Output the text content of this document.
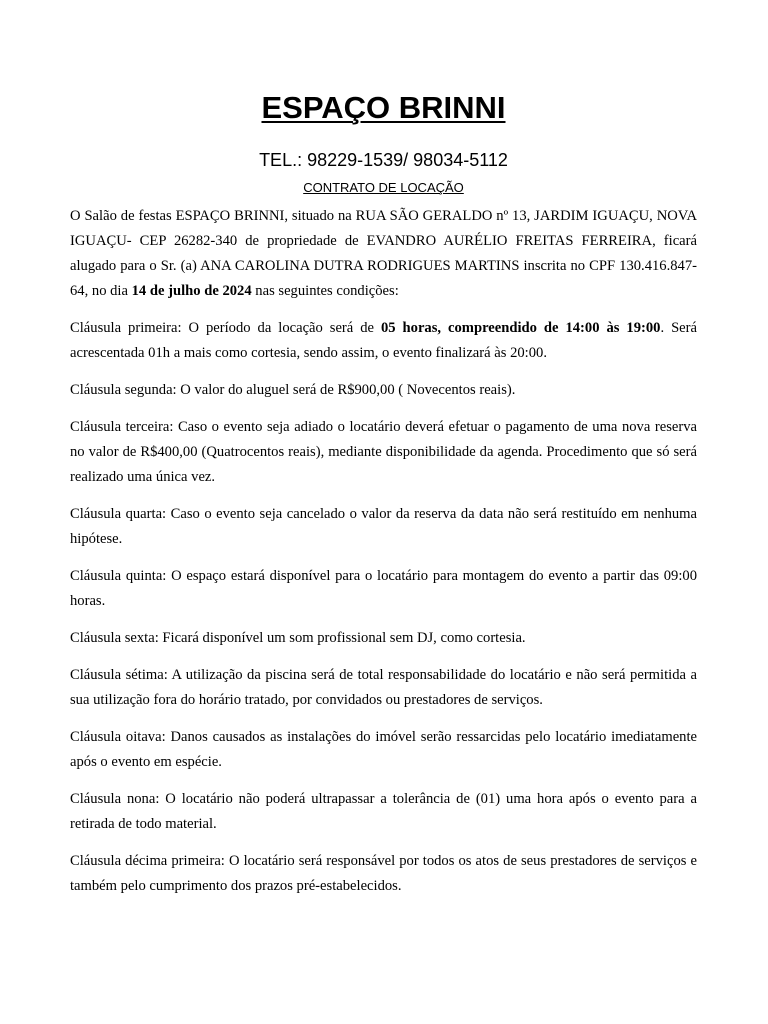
ESPAÇO BRINNI
TEL.: 98229-1539/ 98034-5112
CONTRATO DE LOCAÇÃO

O Salão de festas ESPAÇO BRINNI, situado na RUA SÃO GERALDO nº 13, JARDIM IGUAÇU, NOVA IGUAÇU- CEP 26282-340 de propriedade de EVANDRO AURÉLIO FREITAS FERREIRA, ficará alugado para o Sr. (a) ANA CAROLINA DUTRA RODRIGUES MARTINS inscrita no CPF 130.416.847-64, no dia 14 de julho de 2024 nas seguintes condições:

Cláusula primeira: O período da locação será de 05 horas, compreendido de 14:00 às 19:00. Será acrescentada 01h a mais como cortesia, sendo assim, o evento finalizará às 20:00.

Cláusula segunda: O valor do aluguel será de R$900,00 ( Novecentos reais).

Cláusula terceira: Caso o evento seja adiado o locatário deverá efetuar o pagamento de uma nova reserva no valor de R$400,00 (Quatrocentos reais), mediante disponibilidade da agenda. Procedimento que só será realizado uma única vez.

Cláusula quarta: Caso o evento seja cancelado o valor da reserva da data não será restituído em nenhuma hipótese.

Cláusula quinta: O espaço estará disponível para o locatário para montagem do evento a partir das 09:00 horas.

Cláusula sexta: Ficará disponível um som profissional sem DJ, como cortesia.

Cláusula sétima: A utilização da piscina será de total responsabilidade do locatário e não será permitida a sua utilização fora do horário tratado, por convidados ou prestadores de serviços.

Cláusula oitava: Danos causados as instalações do imóvel serão ressarcidas pelo locatário imediatamente após o evento em espécie.

Cláusula nona: O locatário não poderá ultrapassar a tolerância de (01) uma hora após o evento para a retirada de todo material.

Cláusula décima primeira: O locatário será responsável por todos os atos de seus prestadores de serviços e também pelo cumprimento dos prazos pré-estabelecidos.
